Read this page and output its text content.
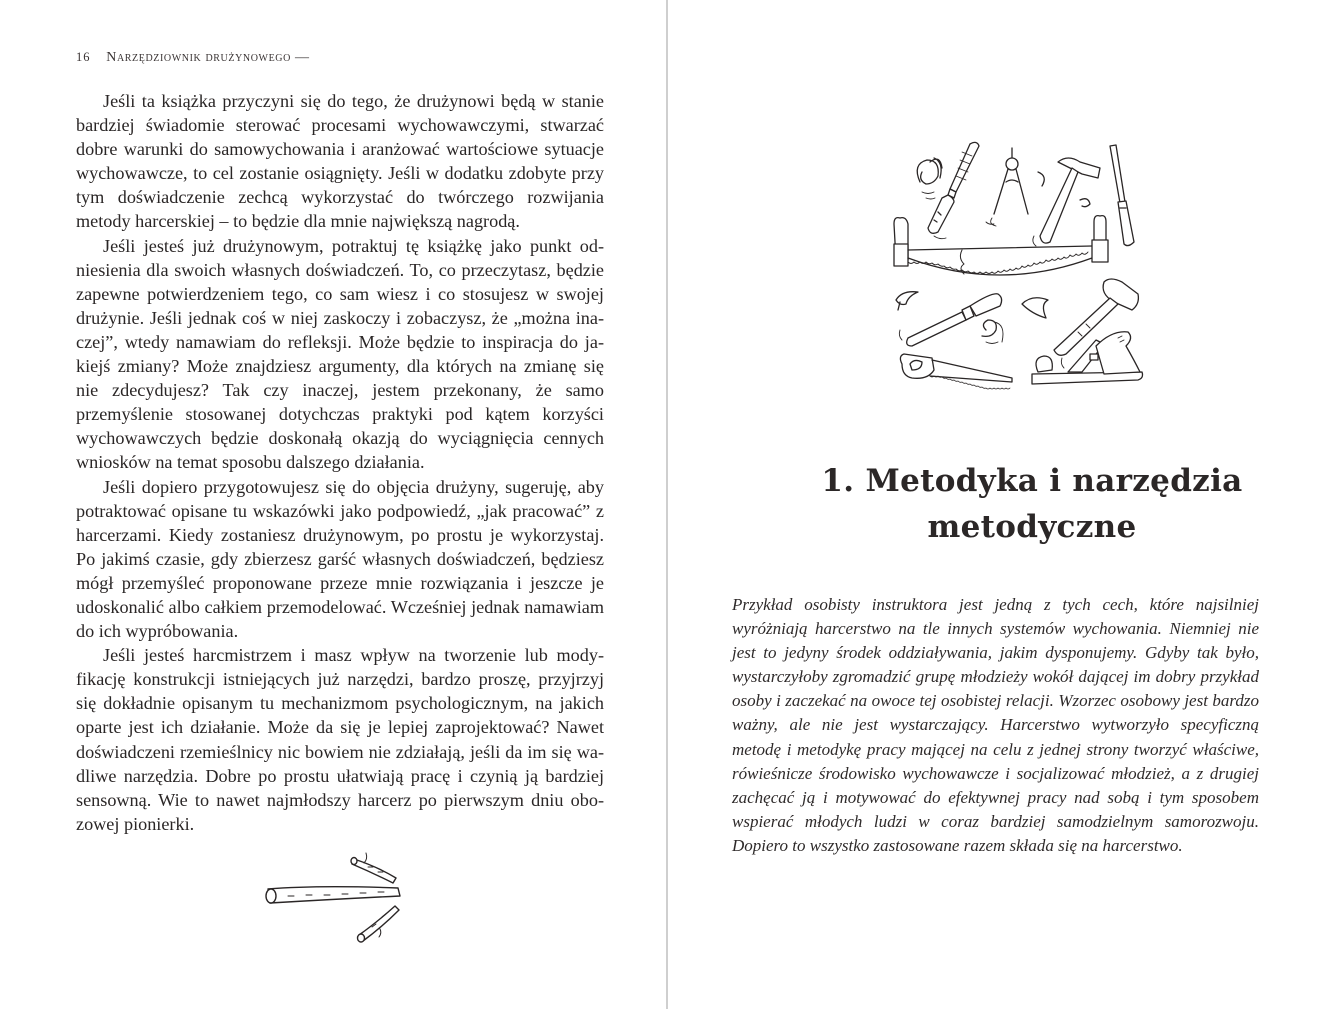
16 Narzędziownik drużynowego —

Jeśli ta książka przyczyni się do tego, że drużynowi będą w stanie bardziej świadomie sterować procesami wychowawczymi, stwarzać dobre warunki do samowychowania i aranżować wartościowe sytuacje wychowawcze, to cel zostanie osiągnięty. Jeśli w dodatku zdobyte przy tym doświadczenie zechcą wykorzystać do twórczego rozwijania metody harcerskiej – to będzie dla mnie największą nagrodą.

Jeśli jesteś już drużynowym, potraktuj tę książkę jako punkt odniesienia dla swoich własnych doświadczeń. To, co przeczytasz, będzie zapewne potwierdzeniem tego, co sam wiesz i co stosujesz w swojej drużynie. Jeśli jednak coś w niej zaskoczy i zobaczysz, że „można inaczej”, wtedy namawiam do refleksji. Może będzie to inspiracja do jakiejś zmiany? Może znajdziesz argumenty, dla których na zmianę się nie zdecydujesz? Tak czy inaczej, jestem przekonany, że samo przemyślenie stosowanej dotychczas praktyki pod kątem korzyści wychowawczych będzie doskonałą okazją do wyciągnięcia cennych wniosków na temat sposobu dalszego działania.

Jeśli dopiero przygotowujesz się do objęcia drużyny, sugeruję, aby potraktować opisane tu wskazówki jako podpowiedź, „jak pracować” z harcerzami. Kiedy zostaniesz drużynowym, po prostu je wykorzystaj. Po jakimś czasie, gdy zbierzesz garść własnych doświadczeń, będziesz mógł przemyśleć proponowane przeze mnie rozwiązania i jeszcze je udoskonalić albo całkiem przemodelować. Wcześniej jednak namawiam do ich wypróbowania.

Jeśli jesteś harcmistrzem i masz wpływ na tworzenie lub modyfikację konstrukcji istniejących już narzędzi, bardzo proszę, przyjrzyj się dokładnie opisanym tu mechanizmom psychologicznym, na jakich oparte jest ich działanie. Może da się je lepiej zaprojektować? Nawet doświadczeni rzemieślnicy nic bowiem nie zdziałają, jeśli da im się wadliwe narzędzia. Dobre po prostu ułatwiają pracę i czynią ją bardziej sensowną. Wie to nawet najmłodszy harcerz po pierwszym dniu obozowej pionierki.

1. Metodyka i narzędzia
metodyczne

Przykład osobisty instruktora jest jedną z tych cech, które najsilniej wyróżniają harcerstwo na tle innych systemów wychowania. Niemniej nie jest to jedyny środek oddziaływania, jakim dysponujemy. Gdyby tak było, wystarczyłoby zgromadzić grupę młodzieży wokół dającej im dobry przykład osoby i zaczekać na owoce tej osobistej relacji. Wzorzec osobowy jest bardzo ważny, ale nie jest wystarczający. Harcerstwo wytworzyło specyficzną metodę i metodykę pracy mającej na celu z jednej strony tworzyć właściwe, rówieśnicze środowisko wychowawcze i socjalizować młodzież, a z drugiej zachęcać ją i motywować do efektywnej pracy nad sobą i tym sposobem wspierać młodych ludzi w coraz bardziej samodzielnym samorozwoju. Dopiero to wszystko zastosowane razem składa się na harcerstwo.
